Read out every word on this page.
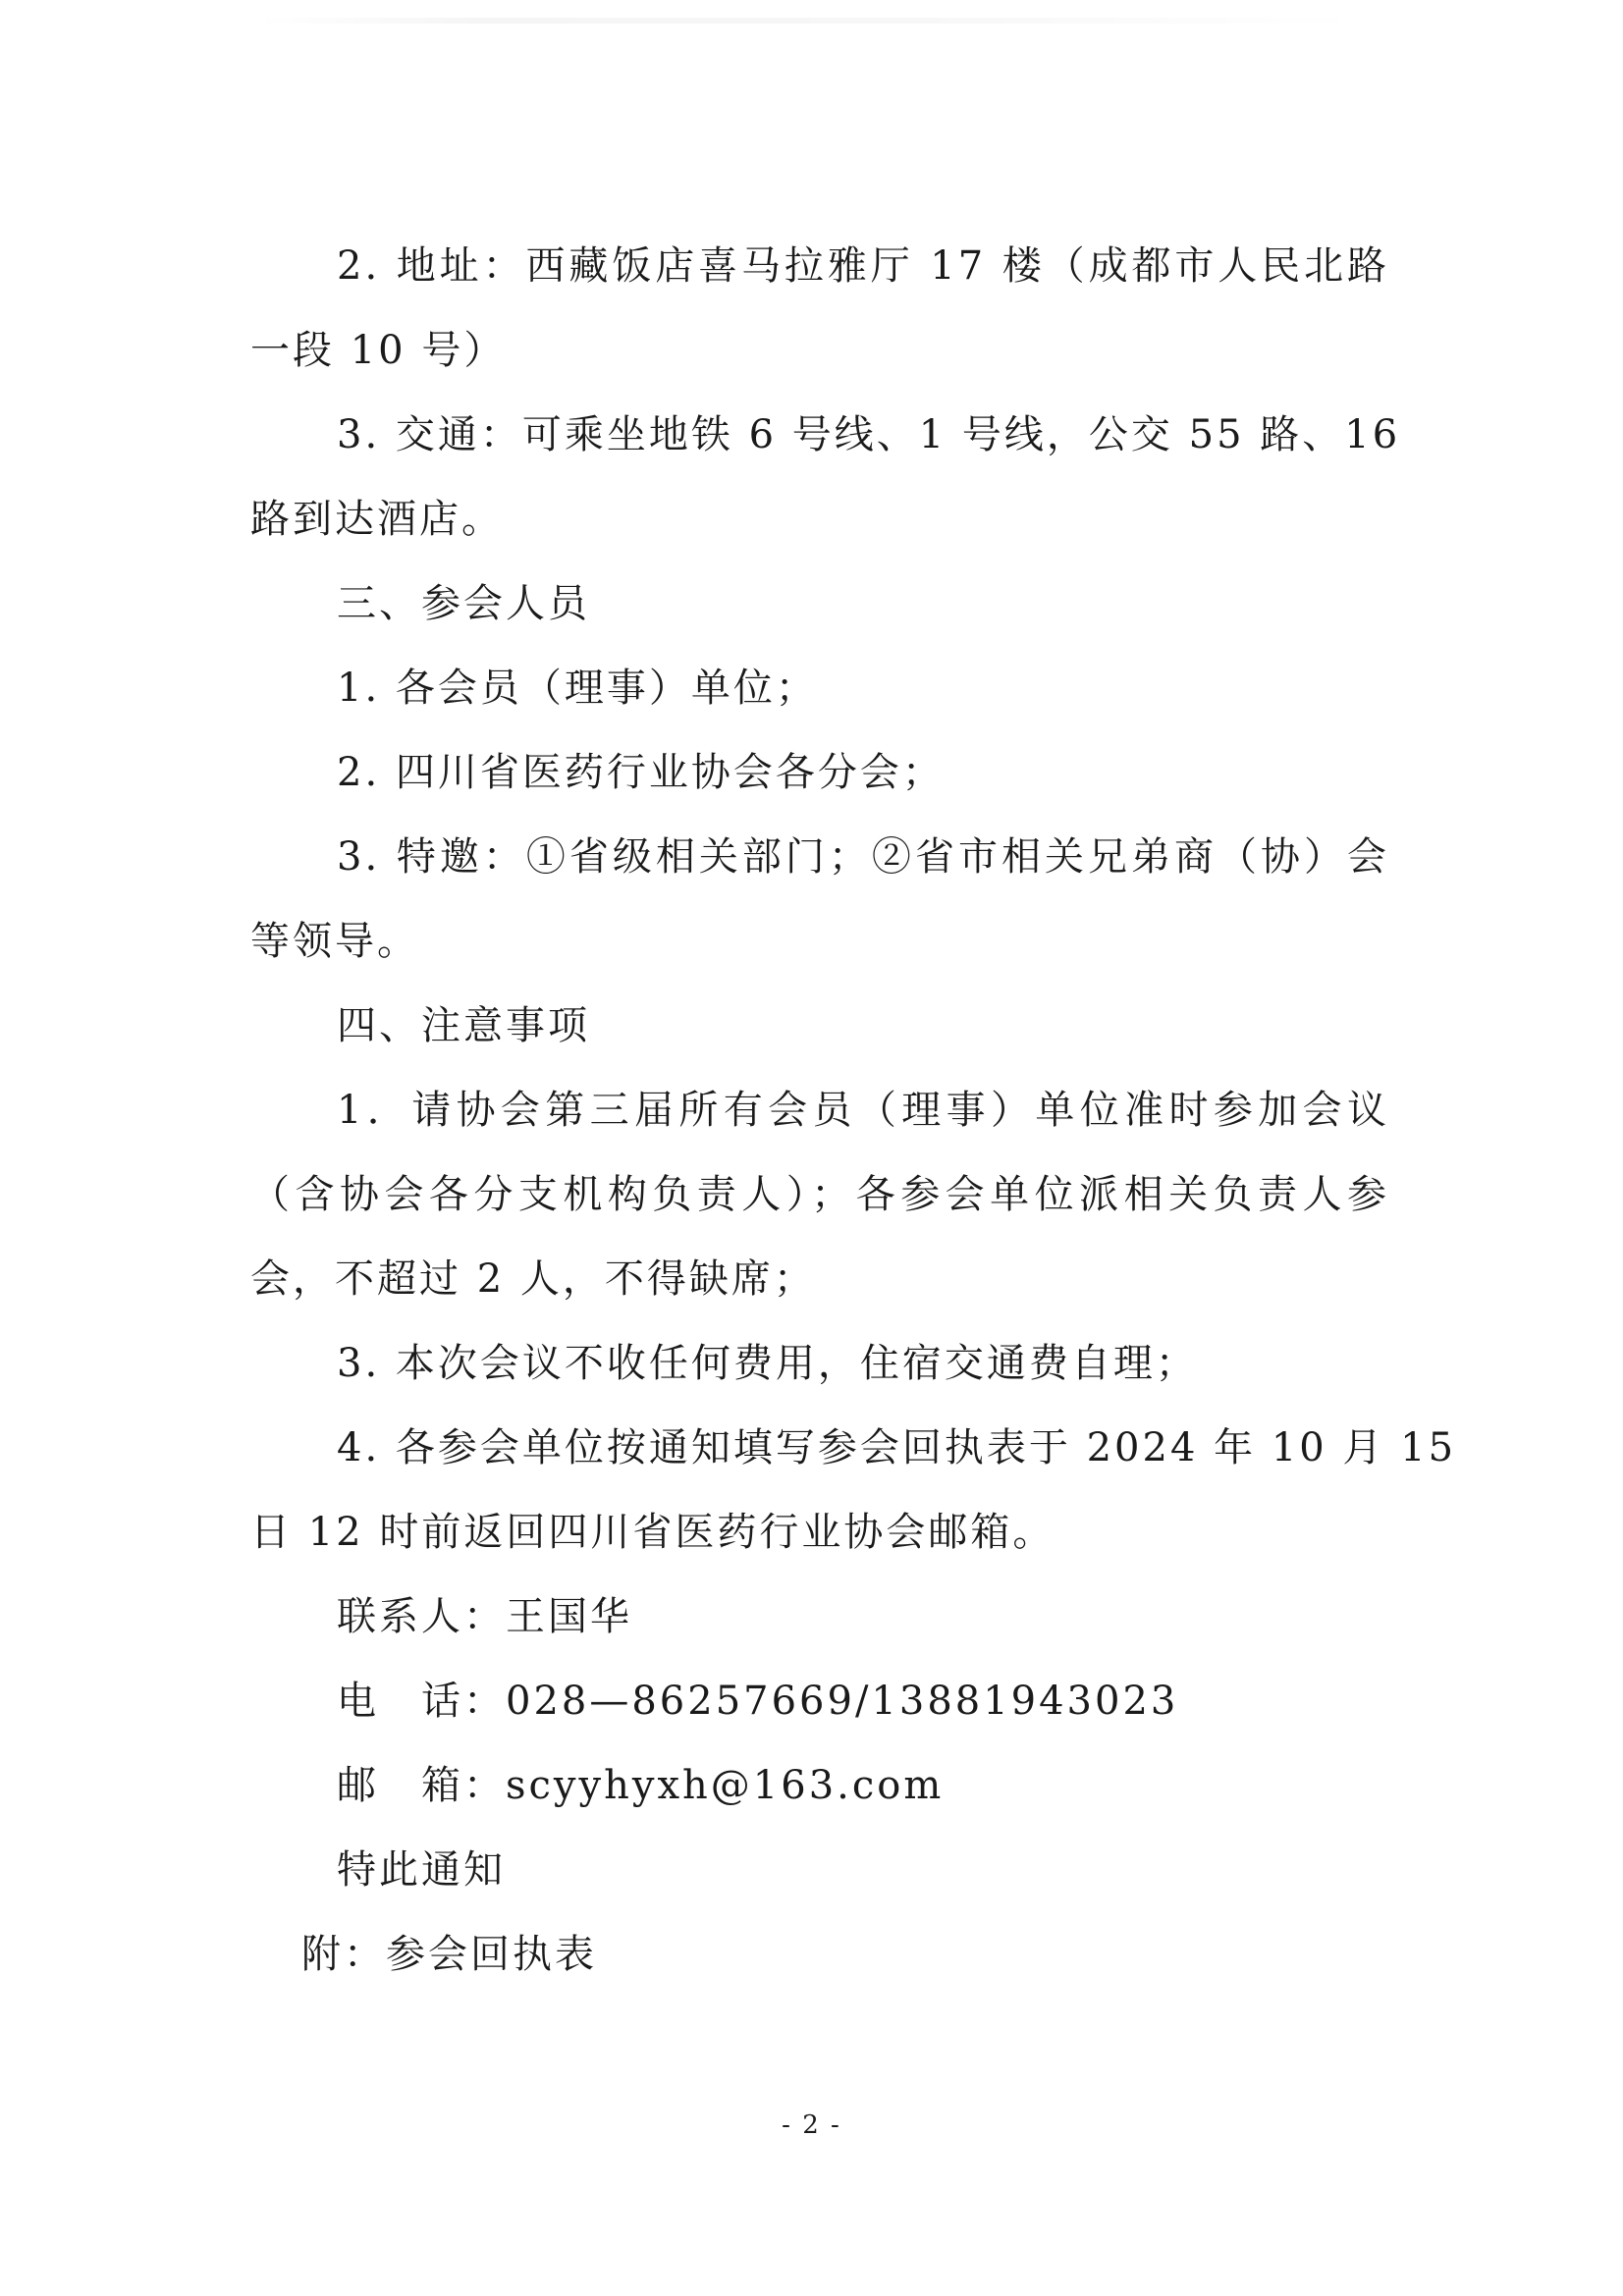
2. 地址：西藏饭店喜马拉雅厅 17 楼（成都市人民北路

一段 10 号）

3. 交通：可乘坐地铁 6 号线、1 号线，公交 55 路、16

路到达酒店。

三、参会人员

1. 各会员（理事）单位；

2. 四川省医药行业协会各分会；

3. 特邀：①省级相关部门；②省市相关兄弟商（协）会

等领导。

四、注意事项

1．请协会第三届所有会员（理事）单位准时参加会议

（含协会各分支机构负责人）；各参会单位派相关负责人参

会，不超过 2 人，不得缺席；

3. 本次会议不收任何费用，住宿交通费自理；

4. 各参会单位按通知填写参会回执表于 2024 年 10 月 15

日 12 时前返回四川省医药行业协会邮箱。

联系人：王国华

电　话：028—86257669/13881943023

邮　箱：scyyhyxh@163.com

特此通知

附：参会回执表

- 2 -
